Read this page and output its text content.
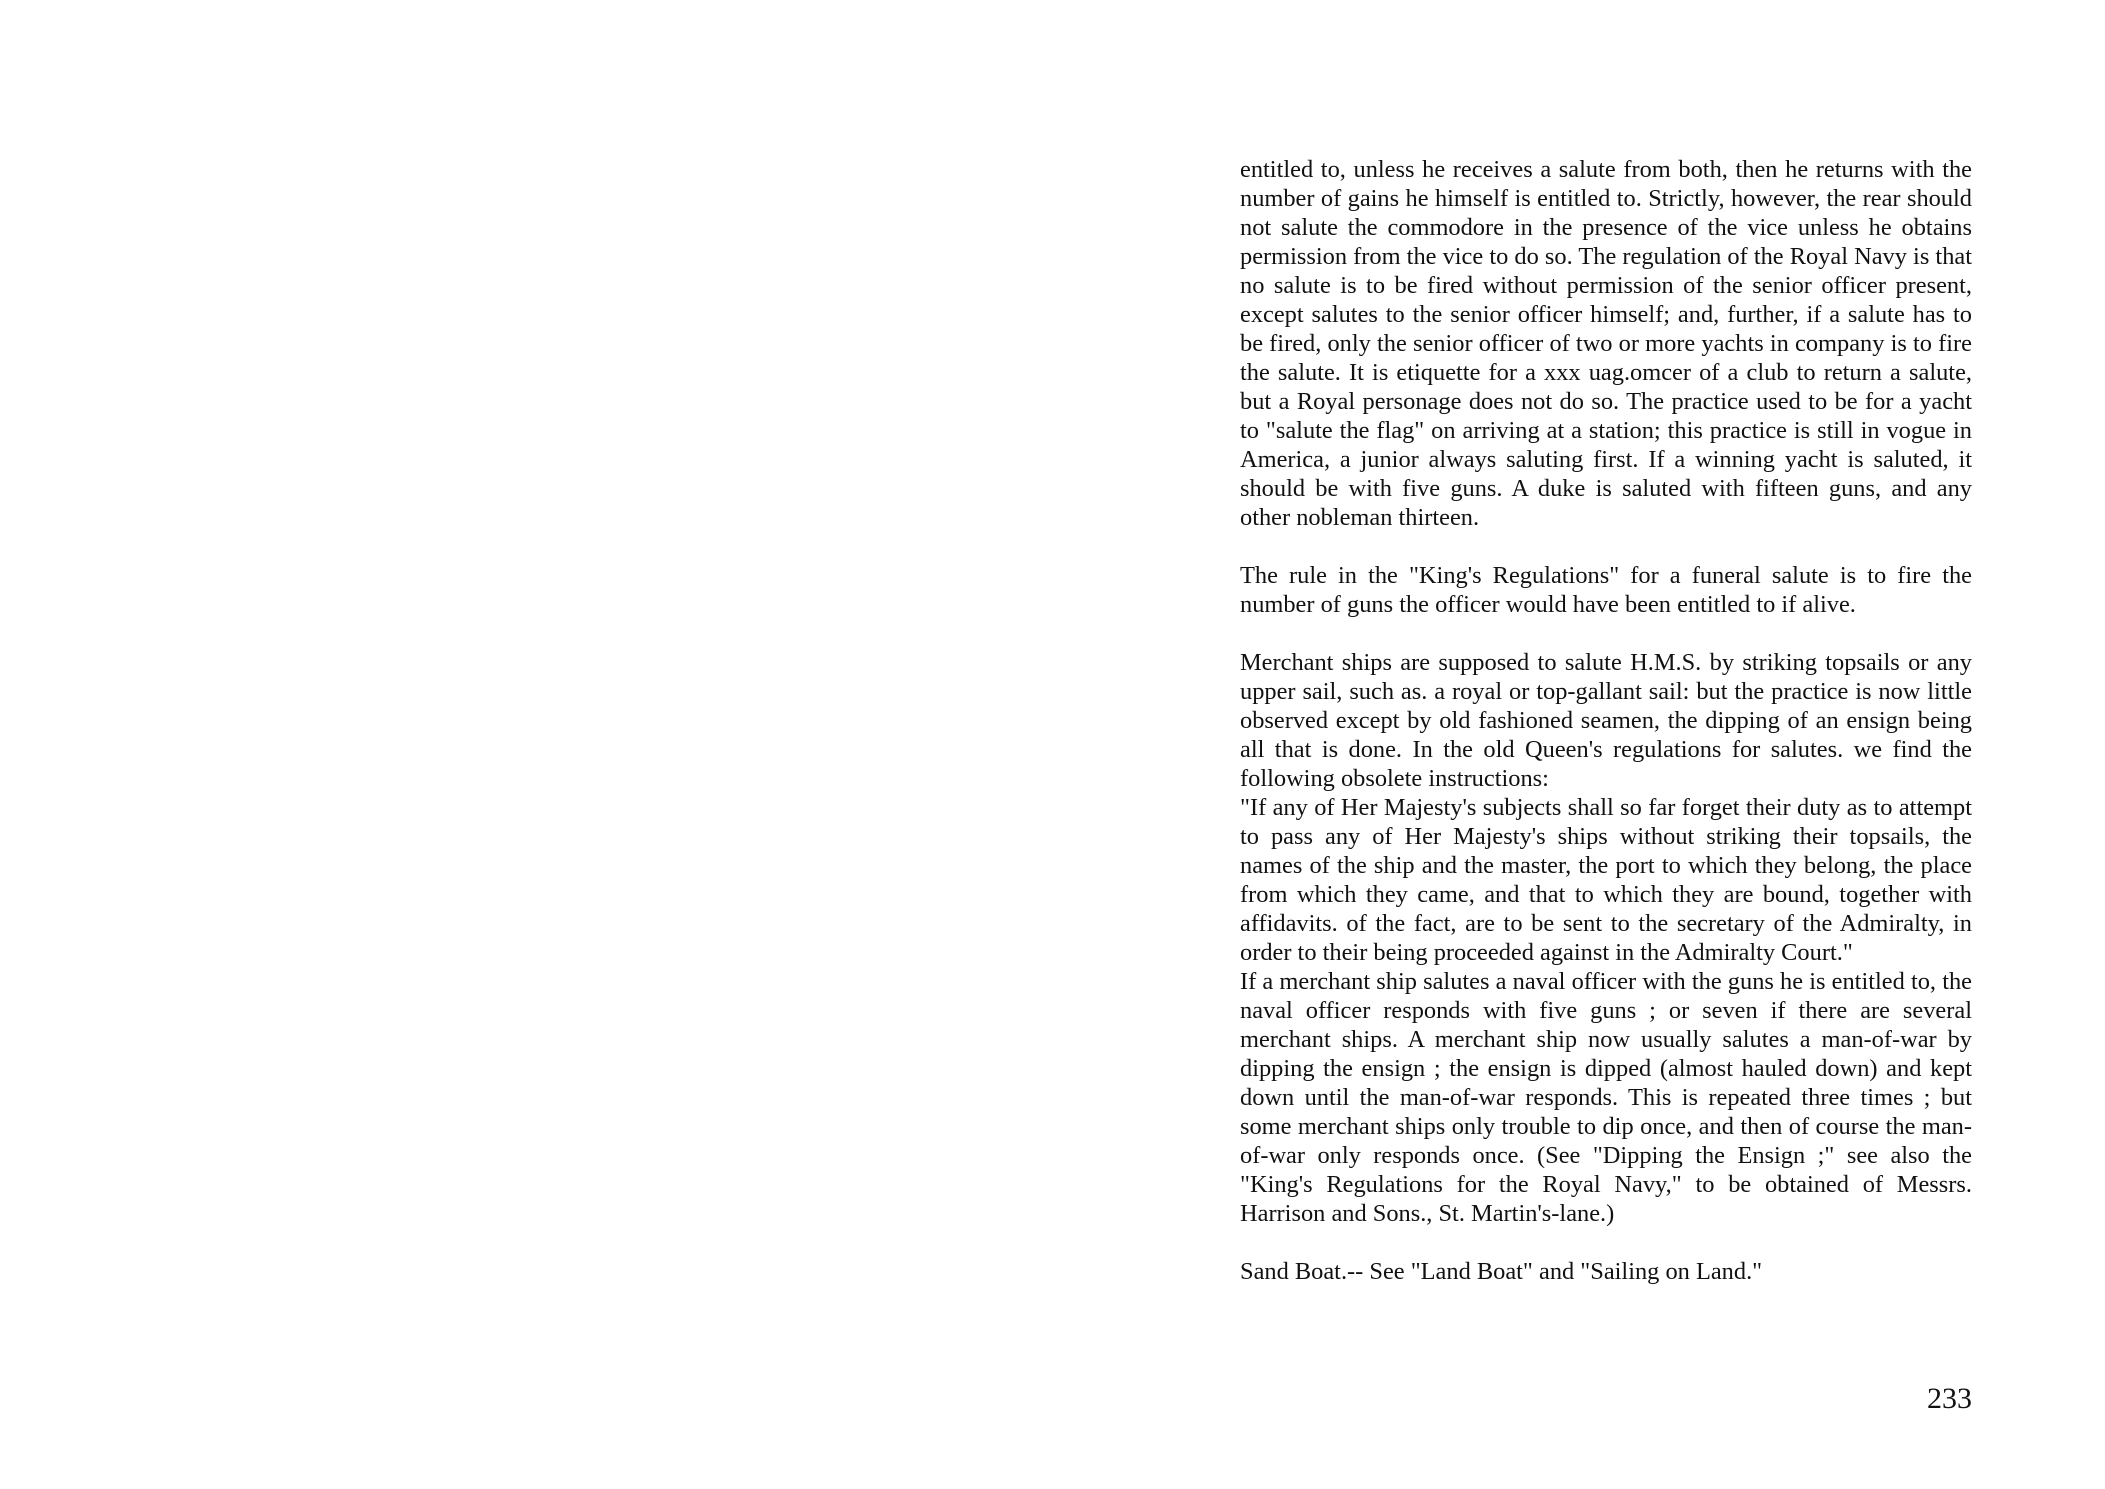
entitled to, unless he receives a salute from both, then he returns with the number of gains he himself is entitled to. Strictly, however, the rear should not salute the commodore in the presence of the vice unless he obtains permission from the vice to do so. The regulation of the Royal Navy is that no salute is to be fired without permission of the senior officer present, except salutes to the senior officer himself; and, further, if a salute has to be fired, only the senior officer of two or more yachts in company is to fire the salute. It is etiquette for a xxx uag.omcer of a club to return a salute, but a Royal personage does not do so. The practice used to be for a yacht to "salute the flag" on arriving at a station; this practice is still in vogue in America, a junior always saluting first. If a winning yacht is saluted, it should be with five guns. A duke is saluted with fifteen guns, and any other nobleman thirteen.

The rule in the "King's Regulations" for a funeral salute is to fire the number of guns the officer would have been entitled to if alive.

Merchant ships are supposed to salute H.M.S. by striking topsails or any upper sail, such as. a royal or top-gallant sail: but the practice is now little observed except by old fashioned seamen, the dipping of an ensign being all that is done. In the old Queen's regulations for salutes. we find the following obsolete instructions:

"If any of Her Majesty's subjects shall so far forget their duty as to attempt to pass any of Her Majesty's ships without striking their topsails, the names of the ship and the master, the port to which they belong, the place from which they came, and that to which they are bound, together with affidavits. of the fact, are to be sent to the secretary of the Admiralty, in order to their being proceeded against in the Admiralty Court."

If a merchant ship salutes a naval officer with the guns he is entitled to, the naval officer responds with five guns ; or seven if there are several merchant ships. A merchant ship now usually salutes a man-of-war by dipping the ensign ; the ensign is dipped (almost hauled down) and kept down until the man-of-war responds. This is repeated three times ; but some merchant ships only trouble to dip once, and then of course the man-of-war only responds once. (See "Dipping the Ensign ;" see also the "King's Regulations for the Royal Navy," to be obtained of Messrs. Harrison and Sons., St. Martin's-lane.)

Sand Boat.-- See "Land Boat" and "Sailing on Land."

233
